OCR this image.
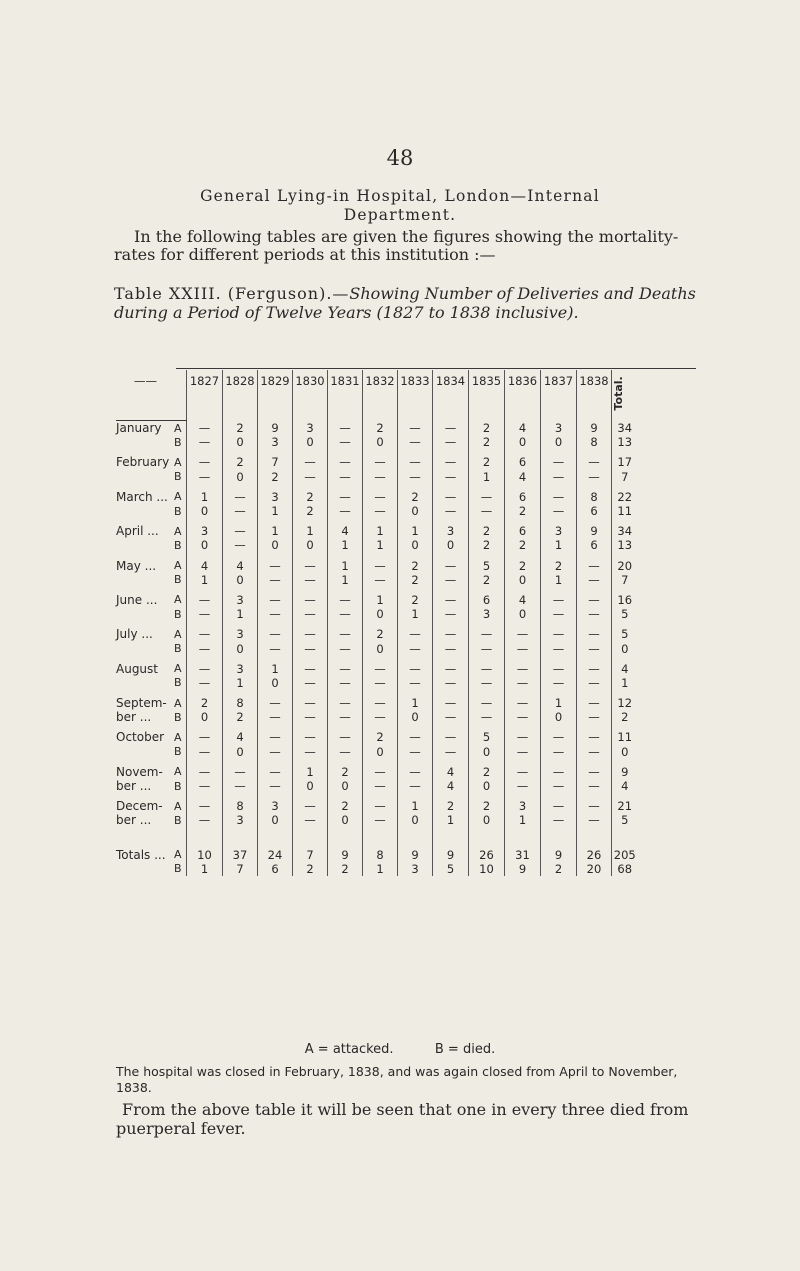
48
General Lying-in Hospital, London—Internal
Department.
In the following tables are given the figures showing the mortality-rates for different periods at this institution :—
Table XXIII. (Ferguson).—Showing Number of Deliveries and Deaths during a Period of Twelve Years (1827 to 1838 inclusive).
——		1827	1828	1829	1830	1831	1832	1833	1834	1835	1836	1837	1838	Total.
January	A	—	2	9	3	—	2	—	—	2	4	3	9	34
	B	—	0	3	0	—	0	—	—	2	0	0	8	13
February	A	—	2	7	—	—	—	—	—	2	6	—	—	17
	B	—	0	2	—	—	—	—	—	1	4	—	—	7
March ...	A	1	—	3	2	—	—	2	—	—	6	—	8	22
	B	0	—	1	2	—	—	0	—	—	2	—	6	11
April ...	A	3	—	1	1	4	1	1	3	2	6	3	9	34
	B	0	—	0	0	1	1	0	0	2	2	1	6	13
May ...	A	4	4	—	—	1	—	2	—	5	2	2	—	20
	B	1	0	—	—	1	—	2	—	2	0	1	—	7
June ...	A	—	3	—	—	—	1	2	—	6	4	—	—	16
	B	—	1	—	—	—	0	1	—	3	0	—	—	5
July ...	A	—	3	—	—	—	2	—	—	—	—	—	—	5
	B	—	0	—	—	—	0	—	—	—	—	—	—	0
August	A	—	3	1	—	—	—	—	—	—	—	—	—	4
	B	—	1	0	—	—	—	—	—	—	—	—	—	1
Septem-	A	2	8	—	—	—	—	1	—	—	—	1	—	12
ber ...	B	0	2	—	—	—	—	0	—	—	—	0	—	2
October	A	—	4	—	—	—	2	—	—	5	—	—	—	11
	B	—	0	—	—	—	0	—	—	0	—	—	—	0
Novem-	A	—	—	—	1	2	—	—	4	2	—	—	—	9
ber ...	B	—	—	—	0	0	—	—	4	0	—	—	—	4
Decem-	A	—	8	3	—	2	—	1	2	2	3	—	—	21
ber ...	B	—	3	0	—	0	—	0	1	0	1	—	—	5

Totals ...	A	10	37	24	7	9	8	9	9	26	31	9	26	205
	B	1	7	6	2	2	1	3	5	10	9	2	20	68
A = attacked.          B = died.
The hospital was closed in February, 1838, and was again closed from April to November, 1838.
From the above table it will be seen that one in every three died from puerperal fever.
